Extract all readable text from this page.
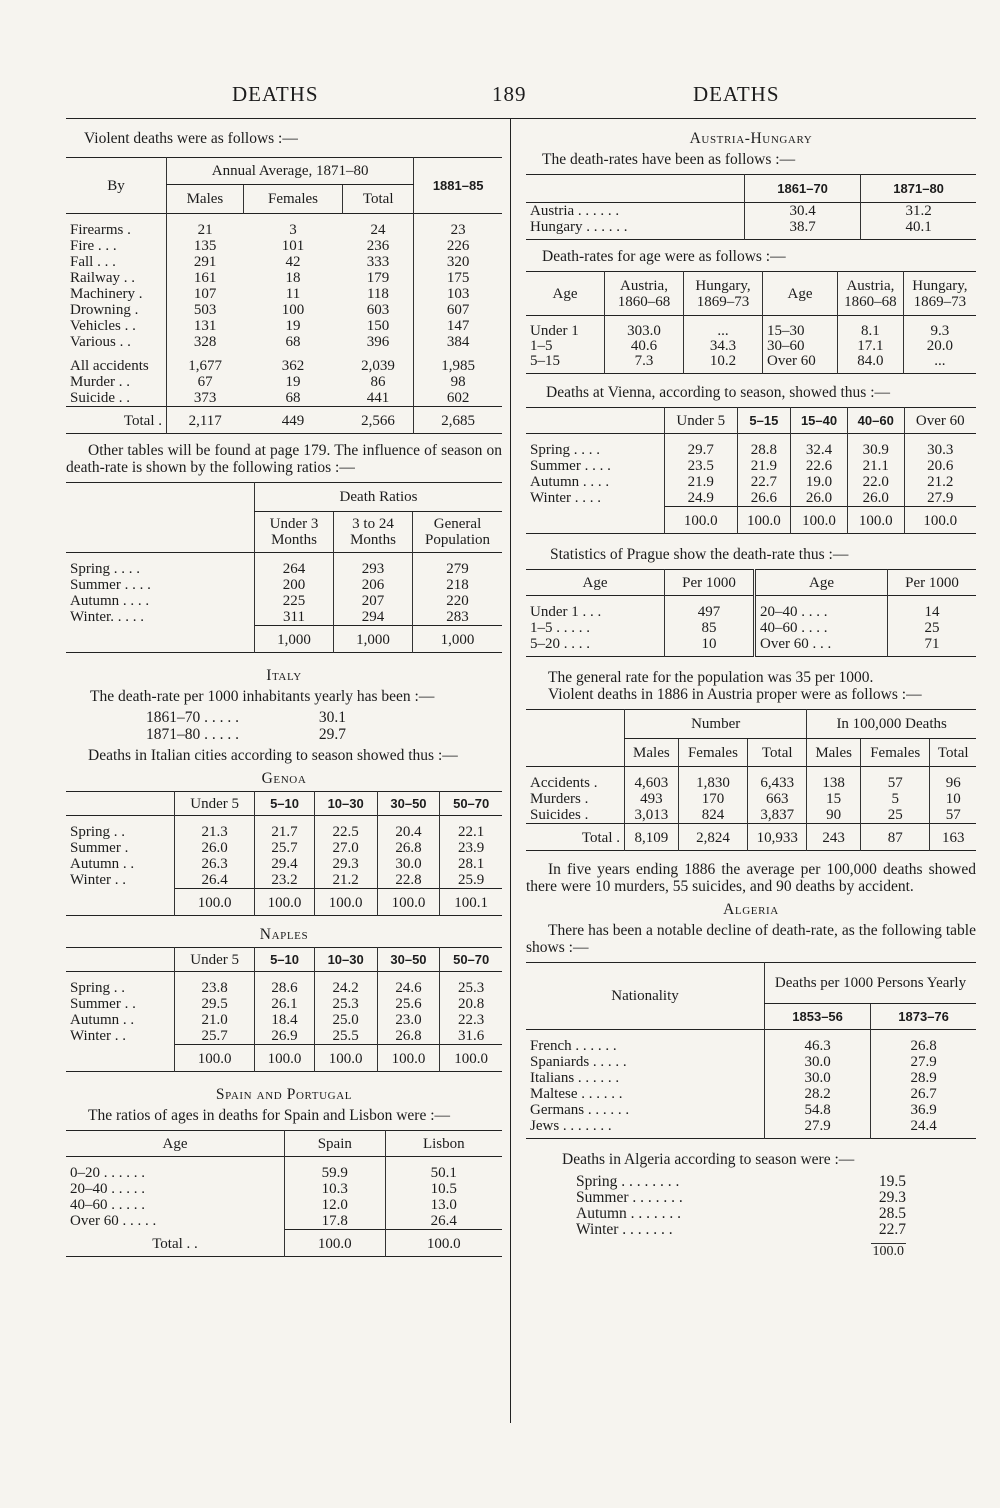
DEATHS	189	DEATHS

Violent deaths were as follows :—

By	Annual Average, 1871–80			1881–85
	Males	Females	Total	

Firearms .	21	3	24	23
Fire . . .	135	101	236	226
Fall . . .	291	42	333	320
Railway . .	161	18	179	175
Machinery .	107	11	118	103
Drowning .	503	100	603	607
Vehicles . .	131	19	150	147
Various . .	328	68	396	384

All accidents	1,677	362	2,039	1,985
Murder . .	67	19	86	98
Suicide . .	373	68	441	602
Total .	2,117	449	2,566	2,685

Other tables will be found at page 179. The influence of season on death-rate is shown by the following ratios :—

	Death Ratios		
	Under 3 Months	3 to 24 Months	General Population

Spring . . . .	264	293	279
Summer . . . .	200	206	218
Autumn . . . .	225	207	220
Winter. . . . .	311	294	283
	1,000	1,000	1,000
Italy

The death-rate per 1000 inhabitants yearly has been :—

1861–70 . . . . .	30.1
1871–80 . . . . .	29.7

Deaths in Italian cities according to season showed thus :—

Genoa
	Under 5	5–10	10–30	30–50	50–70

Spring . .	21.3	21.7	22.5	20.4	22.1
Summer .	26.0	25.7	27.0	26.8	23.9
Autumn . .	26.3	29.4	29.3	30.0	28.1
Winter . .	26.4	23.2	21.2	22.8	25.9
	100.0	100.0	100.0	100.0	100.1
Naples
	Under 5	5–10	10–30	30–50	50–70

Spring . .	23.8	28.6	24.2	24.6	25.3
Summer . .	29.5	26.1	25.3	25.6	20.8
Autumn . .	21.0	18.4	25.0	23.0	22.3
Winter . .	25.7	26.9	25.5	26.8	31.6
	100.0	100.0	100.0	100.0	100.0
Spain and Portugal

The ratios of ages in deaths for Spain and Lisbon were :—

Age	Spain	Lisbon

0–20 . . . . . .	59.9	50.1
20–40 . . . . .	10.3	10.5
40–60 . . . . .	12.0	13.0
Over 60 . . . . .	17.8	26.4
Total . .	100.0	100.0
Austria-Hungary

The death-rates have been as follows :—

	1861–70	1871–80
Austria . . . . . .	30.4	31.2
Hungary . . . . . .	38.7	40.1

Death-rates for age were as follows :—

Age	Austria, 1860–68	Hungary, 1869–73	Age	Austria, 1860–68	Hungary, 1869–73

Under 1	303.0	...	15–30	8.1	9.3
1–5	40.6	34.3	30–60	17.1	20.0
5–15	7.3	10.2	Over 60	84.0	...

Deaths at Vienna, according to season, showed thus :—

	Under 5	5–15	15–40	40–60	Over 60

Spring . . . .	29.7	28.8	32.4	30.9	30.3
Summer . . . .	23.5	21.9	22.6	21.1	20.6
Autumn . . . .	21.9	22.7	19.0	22.0	21.2
Winter . . . .	24.9	26.6	26.0	26.0	27.9
	100.0	100.0	100.0	100.0	100.0

Statistics of Prague show the death-rate thus :—

Age	Per 1000	Age	Per 1000

Under 1 . . .	497	20–40 . . . .	14
1–5 . . . . .	85	40–60 . . . .	25
5–20 . . . .	10	Over 60 . . .	71

The general rate for the population was 35 per 1000.

Violent deaths in 1886 in Austria proper were as follows :—

	Number			In 100,000 Deaths		
	Males	Females	Total	Males	Females	Total

Accidents .	4,603	1,830	6,433	138	57	96
Murders .	493	170	663	15	5	10
Suicides .	3,013	824	3,837	90	25	57
Total .	8,109	2,824	10,933	243	87	163

In five years ending 1886 the average per 100,000 deaths showed there were 10 murders, 55 suicides, and 90 deaths by accident.

Algeria

There has been a notable decline of death-rate, as the following table shows :—

Nationality	Deaths per 1000 Persons Yearly	
	1853–56	1873–76

French . . . . . .	46.3	26.8
Spaniards . . . . .	30.0	27.9
Italians . . . . . .	30.0	28.9
Maltese . . . . . .	28.2	26.7
Germans . . . . . .	54.8	36.9
Jews . . . . . . .	27.9	24.4

Deaths in Algeria according to season were :—

Spring . . . . . . . .	19.5
Summer . . . . . . .	29.3
Autumn . . . . . . .	28.5
Winter . . . . . . .	22.7
100.0
